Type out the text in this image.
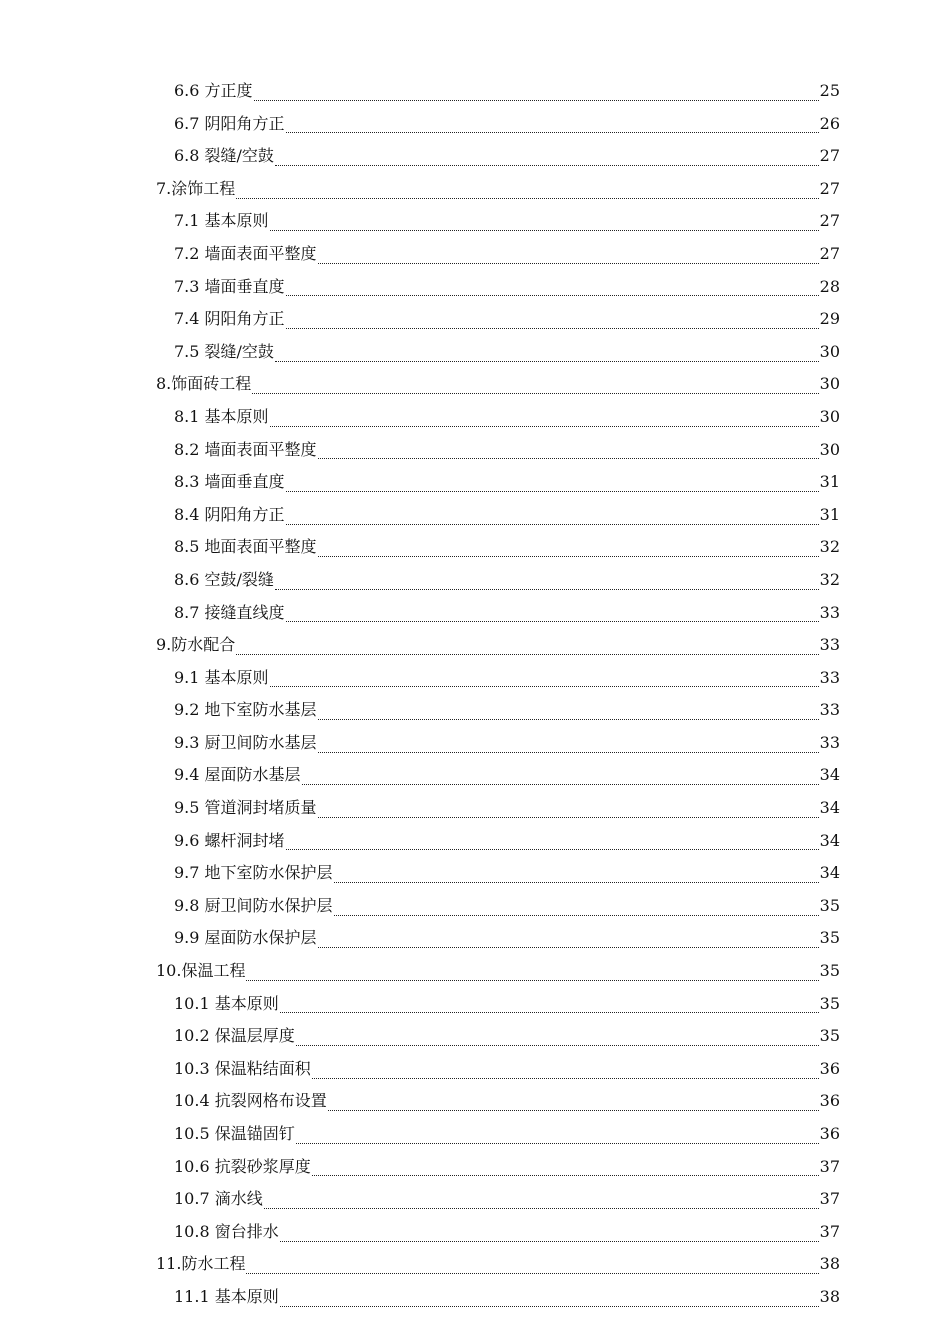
6.6 方正度	25
6.7 阴阳角方正	26
6.8 裂缝/空鼓	27
7.涂饰工程	27
7.1 基本原则	27
7.2 墙面表面平整度	27
7.3 墙面垂直度	28
7.4 阴阳角方正	29
7.5 裂缝/空鼓	30
8.饰面砖工程	30
8.1 基本原则	30
8.2 墙面表面平整度	30
8.3 墙面垂直度	31
8.4 阴阳角方正	31
8.5 地面表面平整度	32
8.6 空鼓/裂缝	32
8.7 接缝直线度	33
9.防水配合	33
9.1 基本原则	33
9.2 地下室防水基层	33
9.3 厨卫间防水基层	33
9.4 屋面防水基层	34
9.5 管道洞封堵质量	34
9.6 螺杆洞封堵	34
9.7 地下室防水保护层	34
9.8 厨卫间防水保护层	35
9.9 屋面防水保护层	35
10.保温工程	35
10.1 基本原则	35
10.2 保温层厚度	35
10.3 保温粘结面积	36
10.4 抗裂网格布设置	36
10.5 保温锚固钉	36
10.6 抗裂砂浆厚度	37
10.7 滴水线	37
10.8 窗台排水	37
11.防水工程	38
11.1 基本原则	38
